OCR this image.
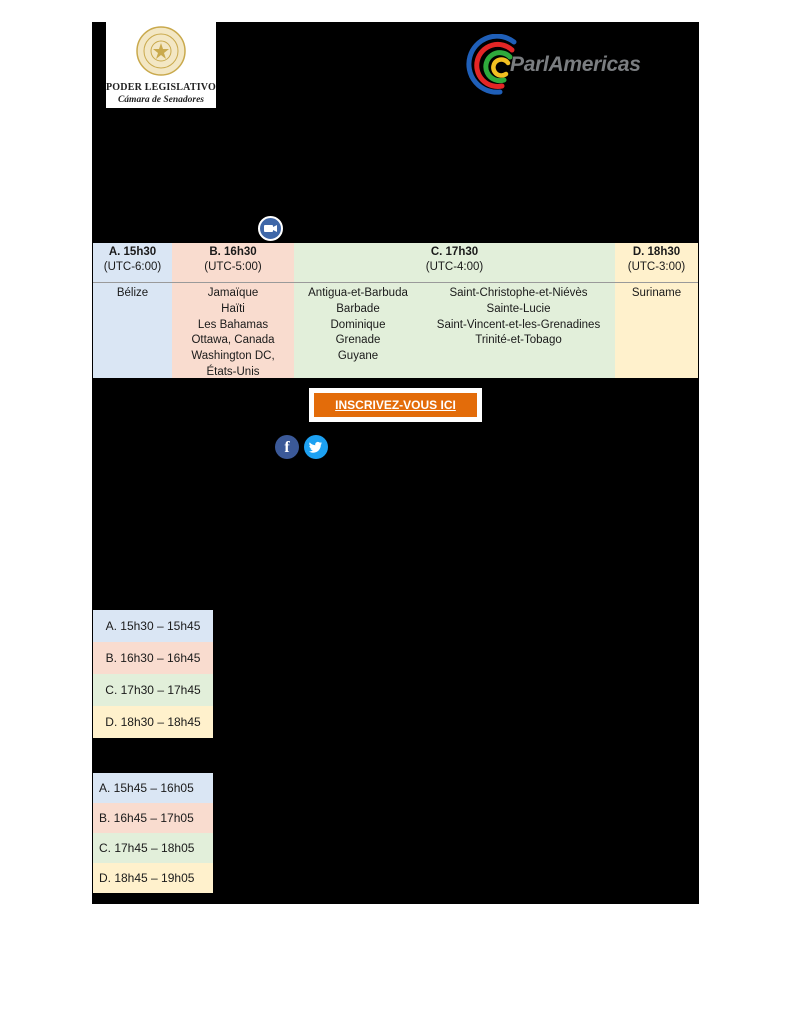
PODER LEGISLATIVO
Cámara de Senadores
ParlAmericas
A. 15h30
(UTC-6:00)
Bélize
B. 16h30
(UTC-5:00)
Jamaïque
Haïti
Les Bahamas
Ottawa, Canada
Washington DC,
États-Unis
C. 17h30
(UTC-4:00)
Antigua-et-Barbuda
Barbade
Dominique
Grenade
Guyane
Saint-Christophe-et-Niévès
Sainte-Lucie
Saint-Vincent-et-les-Grenadines
Trinité-et-Tobago
D. 18h30
(UTC-3:00)
Suriname
INSCRIVEZ-VOUS ICI
f
A. 15h30 – 15h45
B. 16h30 – 16h45
C. 17h30 – 17h45
D. 18h30 – 18h45
A. 15h45 – 16h05
B. 16h45 – 17h05
C. 17h45 – 18h05
D. 18h45 – 19h05
